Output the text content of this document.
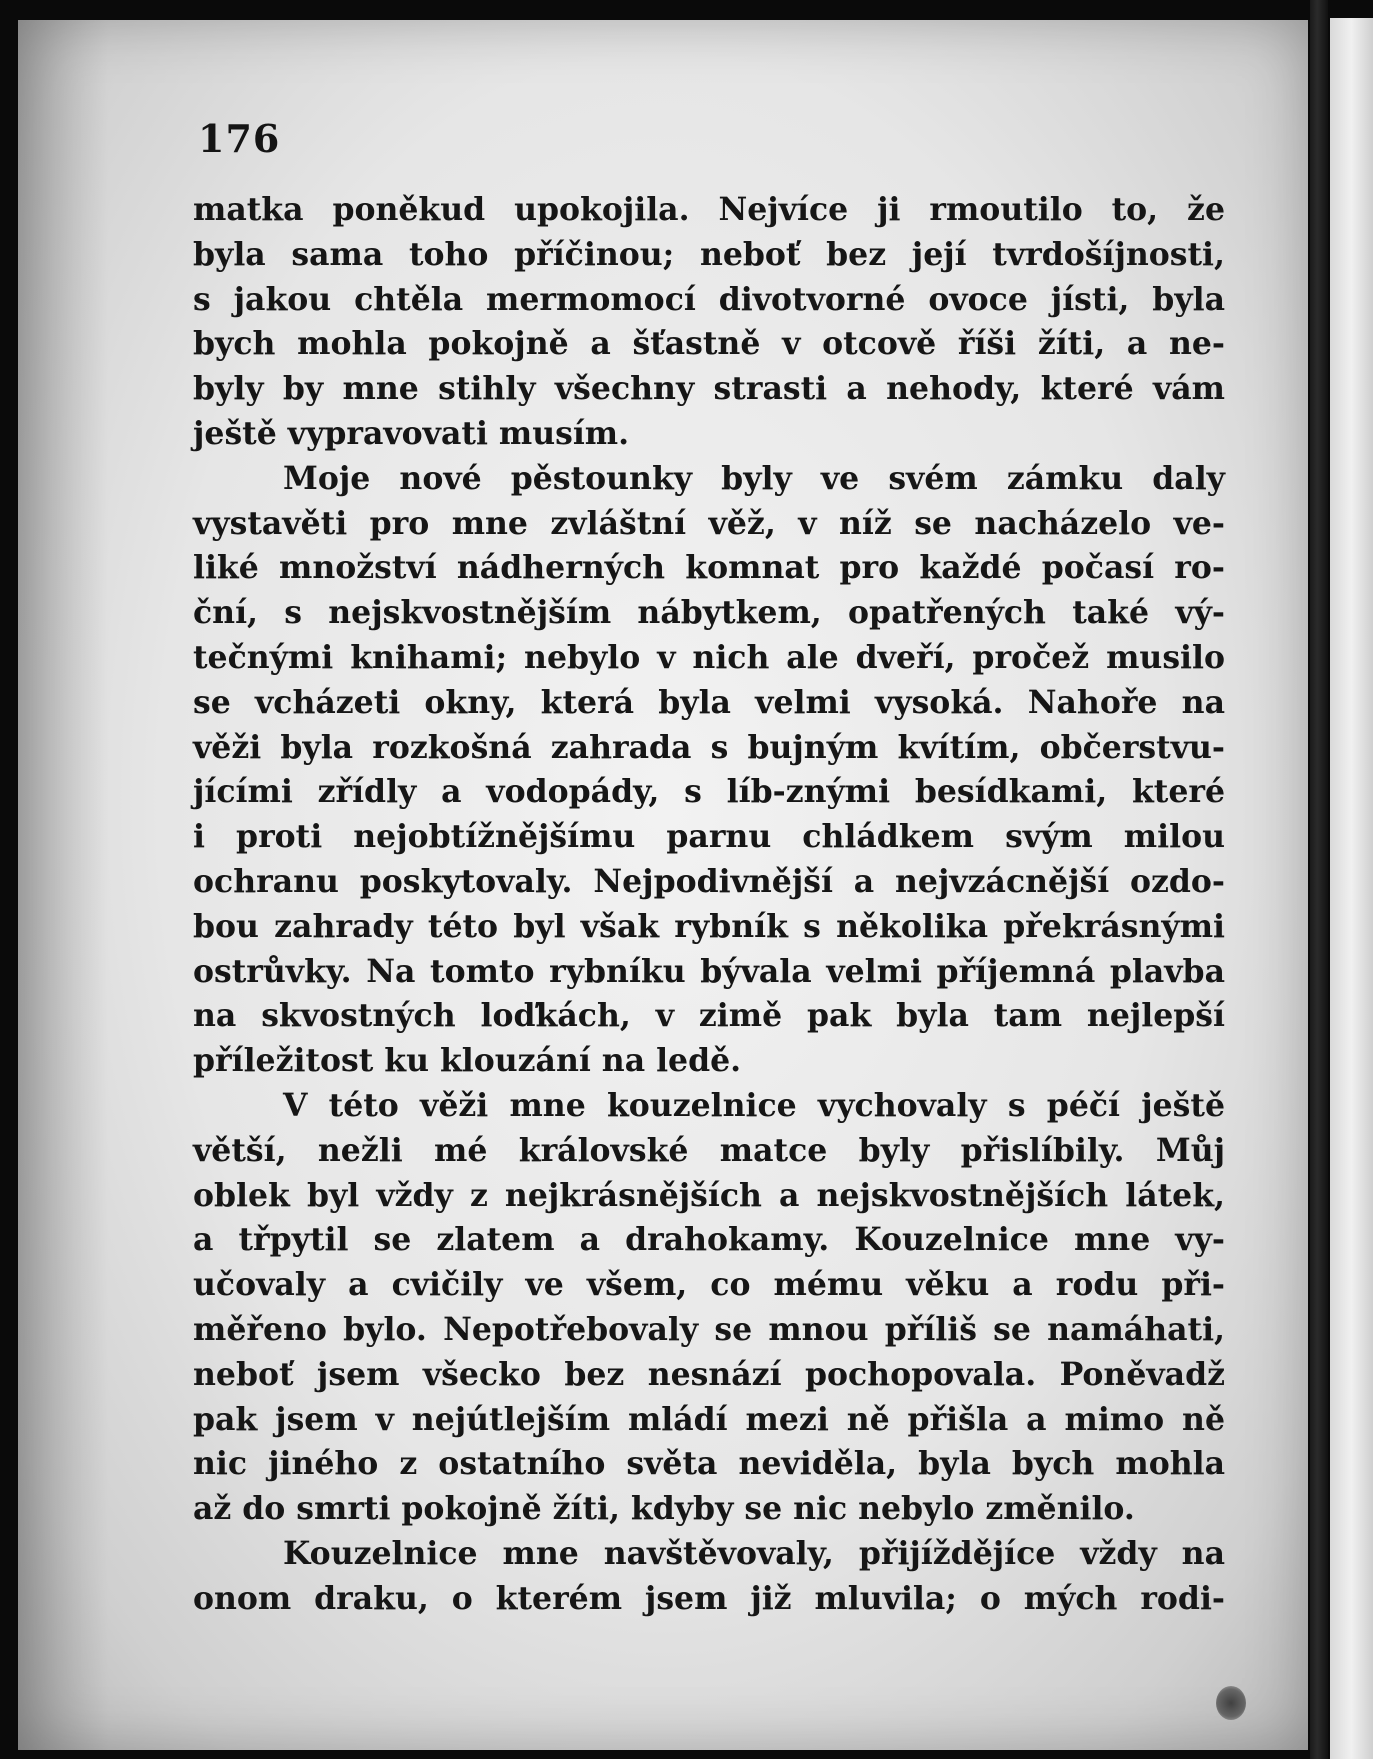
176
matka poněkud upokojila. Nejvíce ji rmoutilo to, že
byla sama toho příčinou; neboť bez její tvrdošíjnosti,
s jakou chtěla mermomocí divotvorné ovoce jísti, byla
bych mohla pokojně a šťastně v otcově říši žíti, a ne-
byly by mne stihly všechny strasti a nehody, které vám
ještě vypravovati musím.
Moje nové pěstounky byly ve svém zámku daly
vystavěti pro mne zvláštní věž, v níž se nacházelo ve-
liké množství nádherných komnat pro každé počasí ro-
ční, s nejskvostnějším nábytkem, opatřených také vý-
tečnými knihami; nebylo v nich ale dveří, pročež musilo
se vcházeti okny, která byla velmi vysoká. Nahoře na
věži byla rozkošná zahrada s bujným kvítím, občerstvu-
jícími zřídly a vodopády, s líb-znými besídkami, které
i proti nejobtížnějšímu parnu chládkem svým milou
ochranu poskytovaly. Nejpodivnější a nejvzácnější ozdo-
bou zahrady této byl však rybník s několika překrásnými
ostrůvky. Na tomto rybníku bývala velmi příjemná plavba
na skvostných loďkách, v zimě pak byla tam nejlepší
příležitost ku klouzání na ledě.
V této věži mne kouzelnice vychovaly s péčí ještě
větší, nežli mé královské matce byly přislíbily. Můj
oblek byl vždy z nejkrásnějších a nejskvostnějších látek,
a třpytil se zlatem a drahokamy. Kouzelnice mne vy-
učovaly a cvičily ve všem, co mému věku a rodu při-
měřeno bylo. Nepotřebovaly se mnou příliš se namáhati,
neboť jsem všecko bez nesnází pochopovala. Poněvadž
pak jsem v nejútlejším mládí mezi ně přišla a mimo ně
nic jiného z ostatního světa neviděla, byla bych mohla
až do smrti pokojně žíti, kdyby se nic nebylo změnilo.
Kouzelnice mne navštěvovaly, přijíždějíce vždy na
onom draku, o kterém jsem již mluvila; o mých rodi-
